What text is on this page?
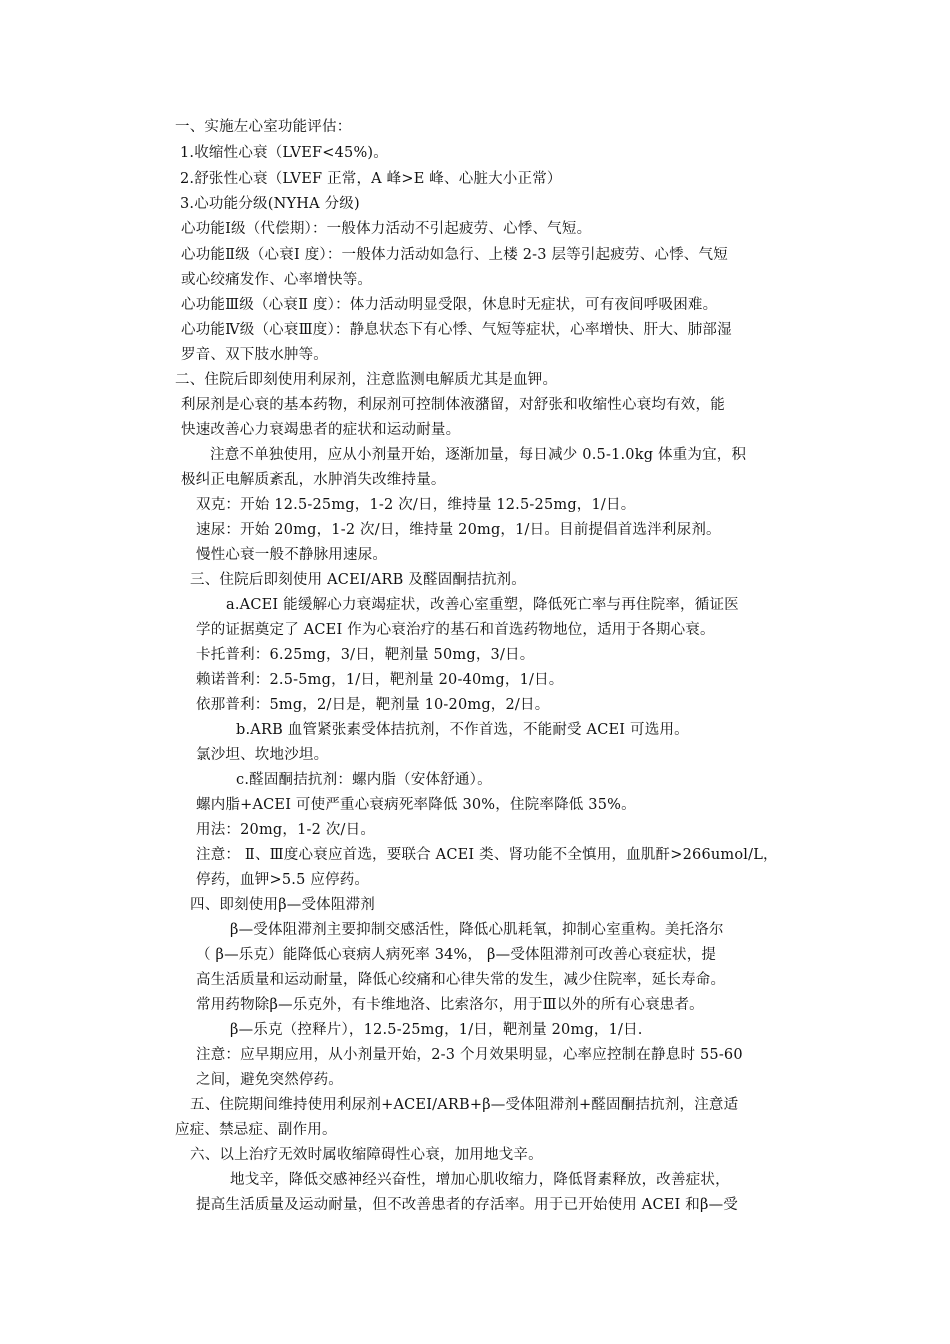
一、实施左心室功能评估：
1.收缩性心衰（LVEF<45%)。
2.舒张性心衰（LVEF 正常，A 峰>E 峰、心脏大小正常）
3.心功能分级(NYHA 分级)
心功能Ⅰ级（代偿期）：一般体力活动不引起疲劳、心悸、气短。
心功能Ⅱ级（心衰Ⅰ 度）：一般体力活动如急行、上楼 2-3 层等引起疲劳、心悸、气短
或心绞痛发作、心率增快等。
心功能Ⅲ级（心衰Ⅱ 度）：体力活动明显受限，休息时无症状，可有夜间呼吸困难。
心功能Ⅳ级（心衰Ⅲ度）：静息状态下有心悸、气短等症状，心率增快、肝大、肺部湿
罗音、双下肢水肿等。
二、住院后即刻使用利尿剂，注意监测电解质尤其是血钾。
利尿剂是心衰的基本药物，利尿剂可控制体液潴留，对舒张和收缩性心衰均有效，能
快速改善心力衰竭患者的症状和运动耐量。
注意不单独使用，应从小剂量开始，逐渐加量，每日减少 0.5-1.0kg 体重为宜，积
极纠正电解质紊乱，水肿消失改维持量。
双克：开始 12.5-25mg，1-2 次/日，维持量 12.5-25mg，1/日。
速尿：开始 20mg，1-2 次/日，维持量 20mg，1/日。目前提倡首选泮利尿剂。
慢性心衰一般不静脉用速尿。
三、住院后即刻使用 ACEI/ARB 及醛固酮拮抗剂。
a.ACEI 能缓解心力衰竭症状，改善心室重塑，降低死亡率与再住院率，循证医
学的证据奠定了 ACEI 作为心衰治疗的基石和首选药物地位，适用于各期心衰。
卡托普利：6.25mg，3/日，靶剂量 50mg，3/日。
赖诺普利：2.5-5mg，1/日，靶剂量 20-40mg，1/日。
依那普利：5mg，2/日是，靶剂量 10-20mg，2/日。
b.ARB 血管紧张素受体拮抗剂，不作首选，不能耐受 ACEI 可选用。
氯沙坦、坎地沙坦。
c.醛固酮拮抗剂：螺内脂（安体舒通）。
螺内脂+ACEI 可使严重心衰病死率降低 30%，住院率降低 35%。
用法：20mg，1-2 次/日。
注意： Ⅱ、Ⅲ度心衰应首选，要联合 ACEI 类、肾功能不全慎用，血肌酐>266umol/L，
停药，血钾>5.5 应停药。
四、即刻使用β—受体阻滞剂
β—受体阻滞剂主要抑制交感活性，降低心肌耗氧，抑制心室重构。美托洛尔
（ β—乐克）能降低心衰病人病死率 34%， β—受体阻滞剂可改善心衰症状，提
高生活质量和运动耐量，降低心绞痛和心律失常的发生，减少住院率，延长寿命。
常用药物除β—乐克外，有卡维地洛、比索洛尔，用于Ⅲ以外的所有心衰患者。
β—乐克（控释片），12.5-25mg，1/日，靶剂量 20mg，1/日.
注意：应早期应用，从小剂量开始，2-3 个月效果明显，心率应控制在静息时 55-60
之间，避免突然停药。
五、住院期间维持使用利尿剂+ACEI/ARB+β—受体阻滞剂+醛固酮拮抗剂，注意适
应症、禁忌症、副作用。
六、以上治疗无效时属收缩障碍性心衰，加用地戈辛。
地戈辛，降低交感神经兴奋性，增加心肌收缩力，降低肾素释放，改善症状，
提高生活质量及运动耐量，但不改善患者的存活率。用于已开始使用 ACEI 和β—受
